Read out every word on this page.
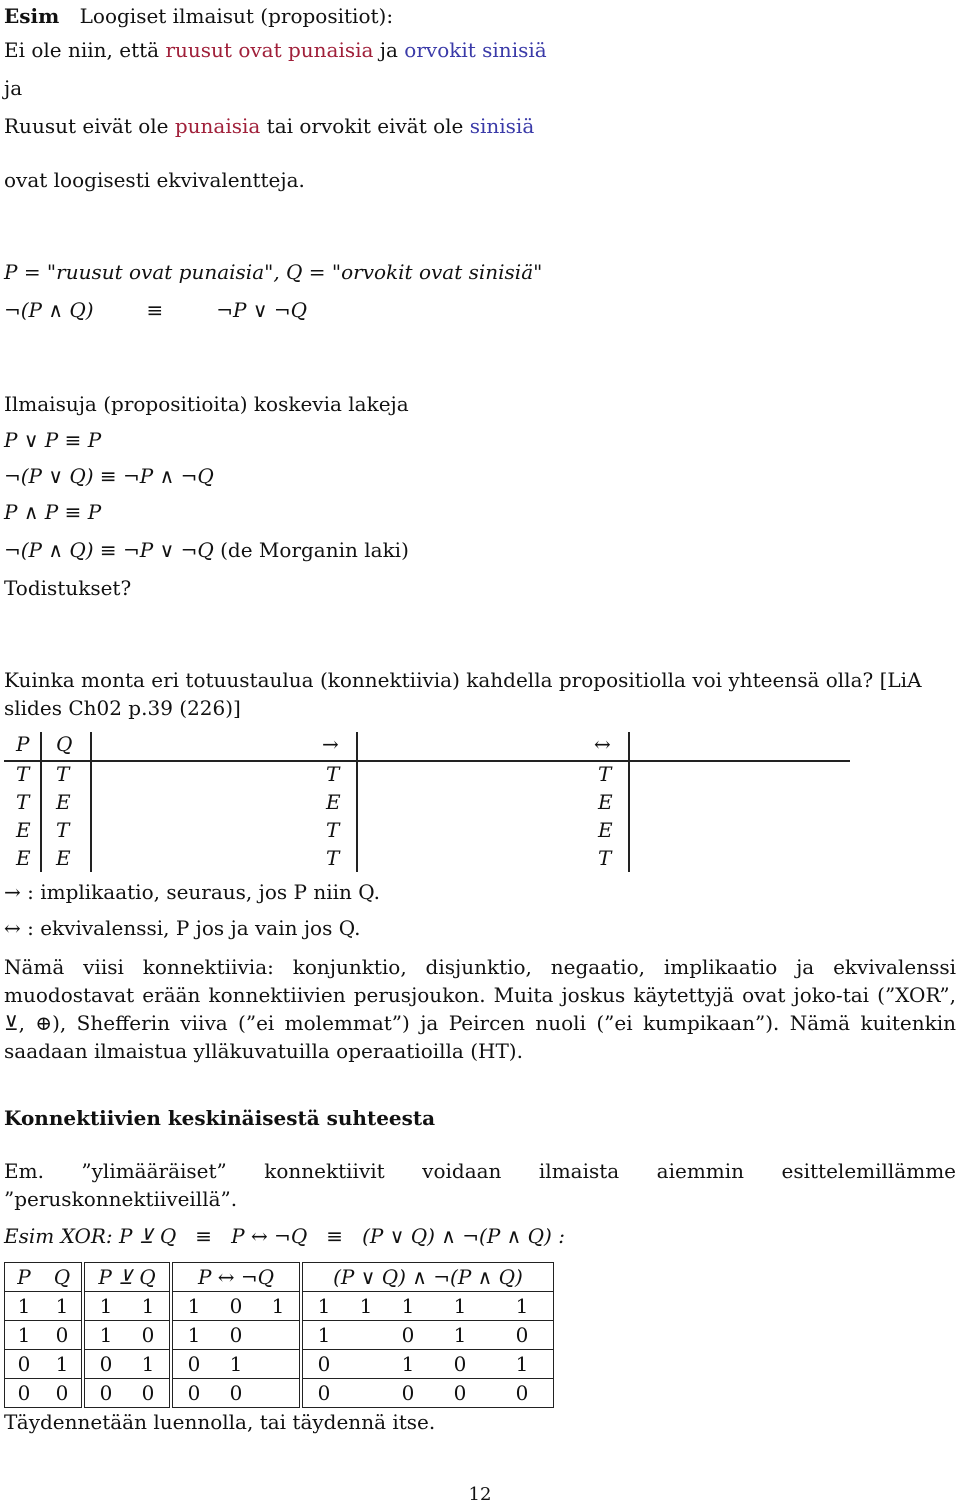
Esim Loogiset ilmaisut (propositiot):
Ei ole niin, että ruusut ovat punaisia ja orvokit sinisiä
ja
Ruusut eivät ole punaisia tai orvokit eivät ole sinisiä
ovat loogisesti ekvivalentteja.
P = "ruusut ovat punaisia", Q = "orvokit ovat sinisiä"
¬(P ∧ Q)	≡	¬P ∨ ¬Q
Ilmaisuja (propositioita) koskevia lakeja
P ∨ P ≡ P
¬(P ∨ Q) ≡ ¬P ∧ ¬Q
P ∧ P ≡ P
¬(P ∧ Q) ≡ ¬P ∨ ¬Q (de Morganin laki)
Todistukset?
Kuinka monta eri totuustaulua (konnektiivia) kahdella propositiolla voi yhteensä olla? [LiA
slides Ch02 p.39 (226)]
P Q	→	↔
T T	T	T
T E	E	E
E T	T	E
E E	T	T
→ : implikaatio, seuraus, jos P niin Q.
↔ : ekvivalenssi, P jos ja vain jos Q.
Nämä viisi konnektiivia: konjunktio, disjunktio, negaatio, implikaatio ja ekvivalenssi muodostavat erään konnektiivien perusjoukon. Muita joskus käytettyjä ovat joko-tai (”XOR”, ⊻, ⊕), Shefferin viiva (”ei molemmat”) ja Peircen nuoli (”ei kumpikaan”). Nämä kuitenkin saadaan ilmaistua ylläkuvatuilla operaatioilla (HT).
Konnektiivien keskinäisestä suhteesta
Em. ”ylimääräiset” konnektiivit voidaan ilmaista aiemmin esittelemillämme ”peruskonnektiiveillä”.
Esim XOR: P ⊻ Q   ≡   P ↔ ¬Q   ≡   (P ∨ Q) ∧ ¬(P ∧ Q) :
P	Q	P ⊻ Q		P ↔ ¬Q			(P ∨ Q) ∧ ¬(P ∧ Q)				
1	1	1	1	1	0	1	1	1	1	1	1
1	0	1	0	1	0		1		0	1	0
0	1	0	1	0	1		0		1	0	1
0	0	0	0	0	0		0		0	0	0
Täydennetään luennolla, tai täydennä itse.
12
